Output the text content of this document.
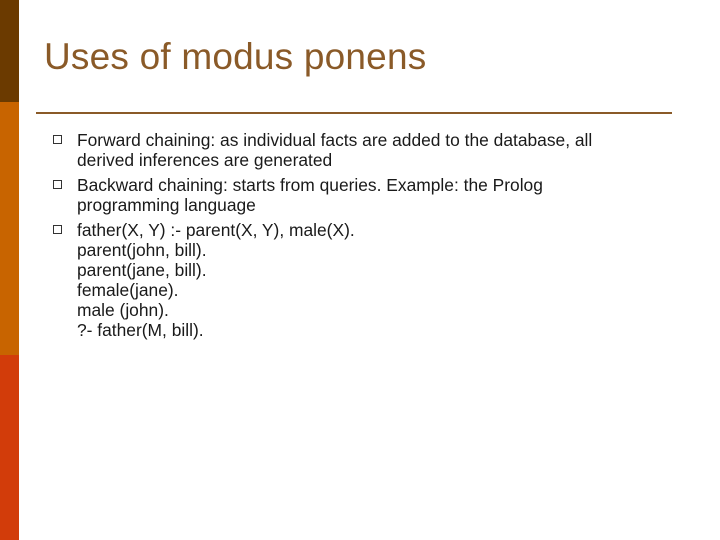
Uses of modus ponens
Forward chaining: as individual facts are added to the database, all
derived inferences are generated
Backward chaining: starts from queries. Example: the Prolog
programming language
father(X, Y) :- parent(X, Y), male(X).
parent(john, bill).
parent(jane, bill).
female(jane).
male (john).
?- father(M, bill).
